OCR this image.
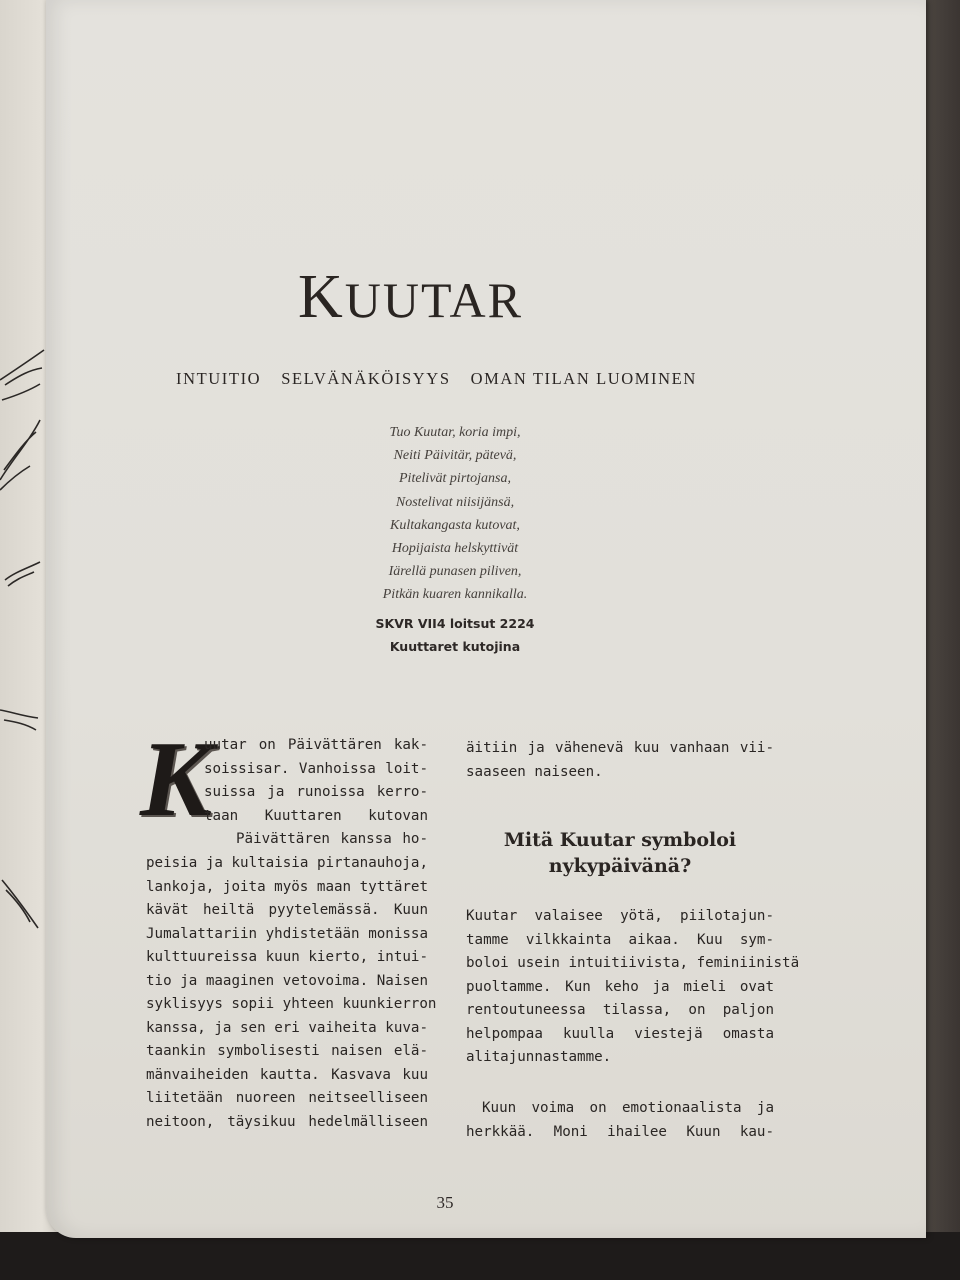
KUUTAR
INTUITIO SELVÄNÄKÖISYYS OMAN TILAN LUOMINEN
Tuo Kuutar, koria impi,
Neiti Päivitär, pätevä,
Pitelivät pirtojansa,
Nostelivat niisijänsä,
Kultakangasta kutovat,
Hopijaista helskyttivät
Iärellä punasen piliven,
Pitkän kuaren kannikalla.
SKVR VII4 loitsut 2224
Kuuttaret kutojina
K
uutar on Päivättären kak-
soissisar. Vanhoissa loit-
suissa ja runoissa kerro-
taan Kuuttaren kutovan
Päivättären kanssa ho-
peisia ja kultaisia pirtanauhoja,
lankoja, joita myös maan tyttäret
kävät heiltä pyytelemässä. Kuun
Jumalattariin yhdistetään monissa
kulttuureissa kuun kierto, intui-
tio ja maaginen vetovoima. Naisen
syklisyys sopii yhteen kuunkierron
kanssa, ja sen eri vaiheita kuva-
taankin symbolisesti naisen elä-
mänvaiheiden kautta. Kasvava kuu
liitetään nuoreen neitseelliseen
neitoon, täysikuu hedelmälliseen
äitiin ja vähenevä kuu vanhaan vii-
saaseen naiseen.
Mitä Kuutar symboloi
nykypäivänä?
Kuutar valaisee yötä, piilotajun-
tamme vilkkainta aikaa. Kuu sym-
boloi usein intuitiivista, feminiinistä
puoltamme. Kun keho ja mieli ovat
rentoutuneessa tilassa, on paljon
helpompaa kuulla viestejä omasta
alitajunnastamme.
Kuun voima on emotionaalista ja
herkkää. Moni ihailee Kuun kau-
35
